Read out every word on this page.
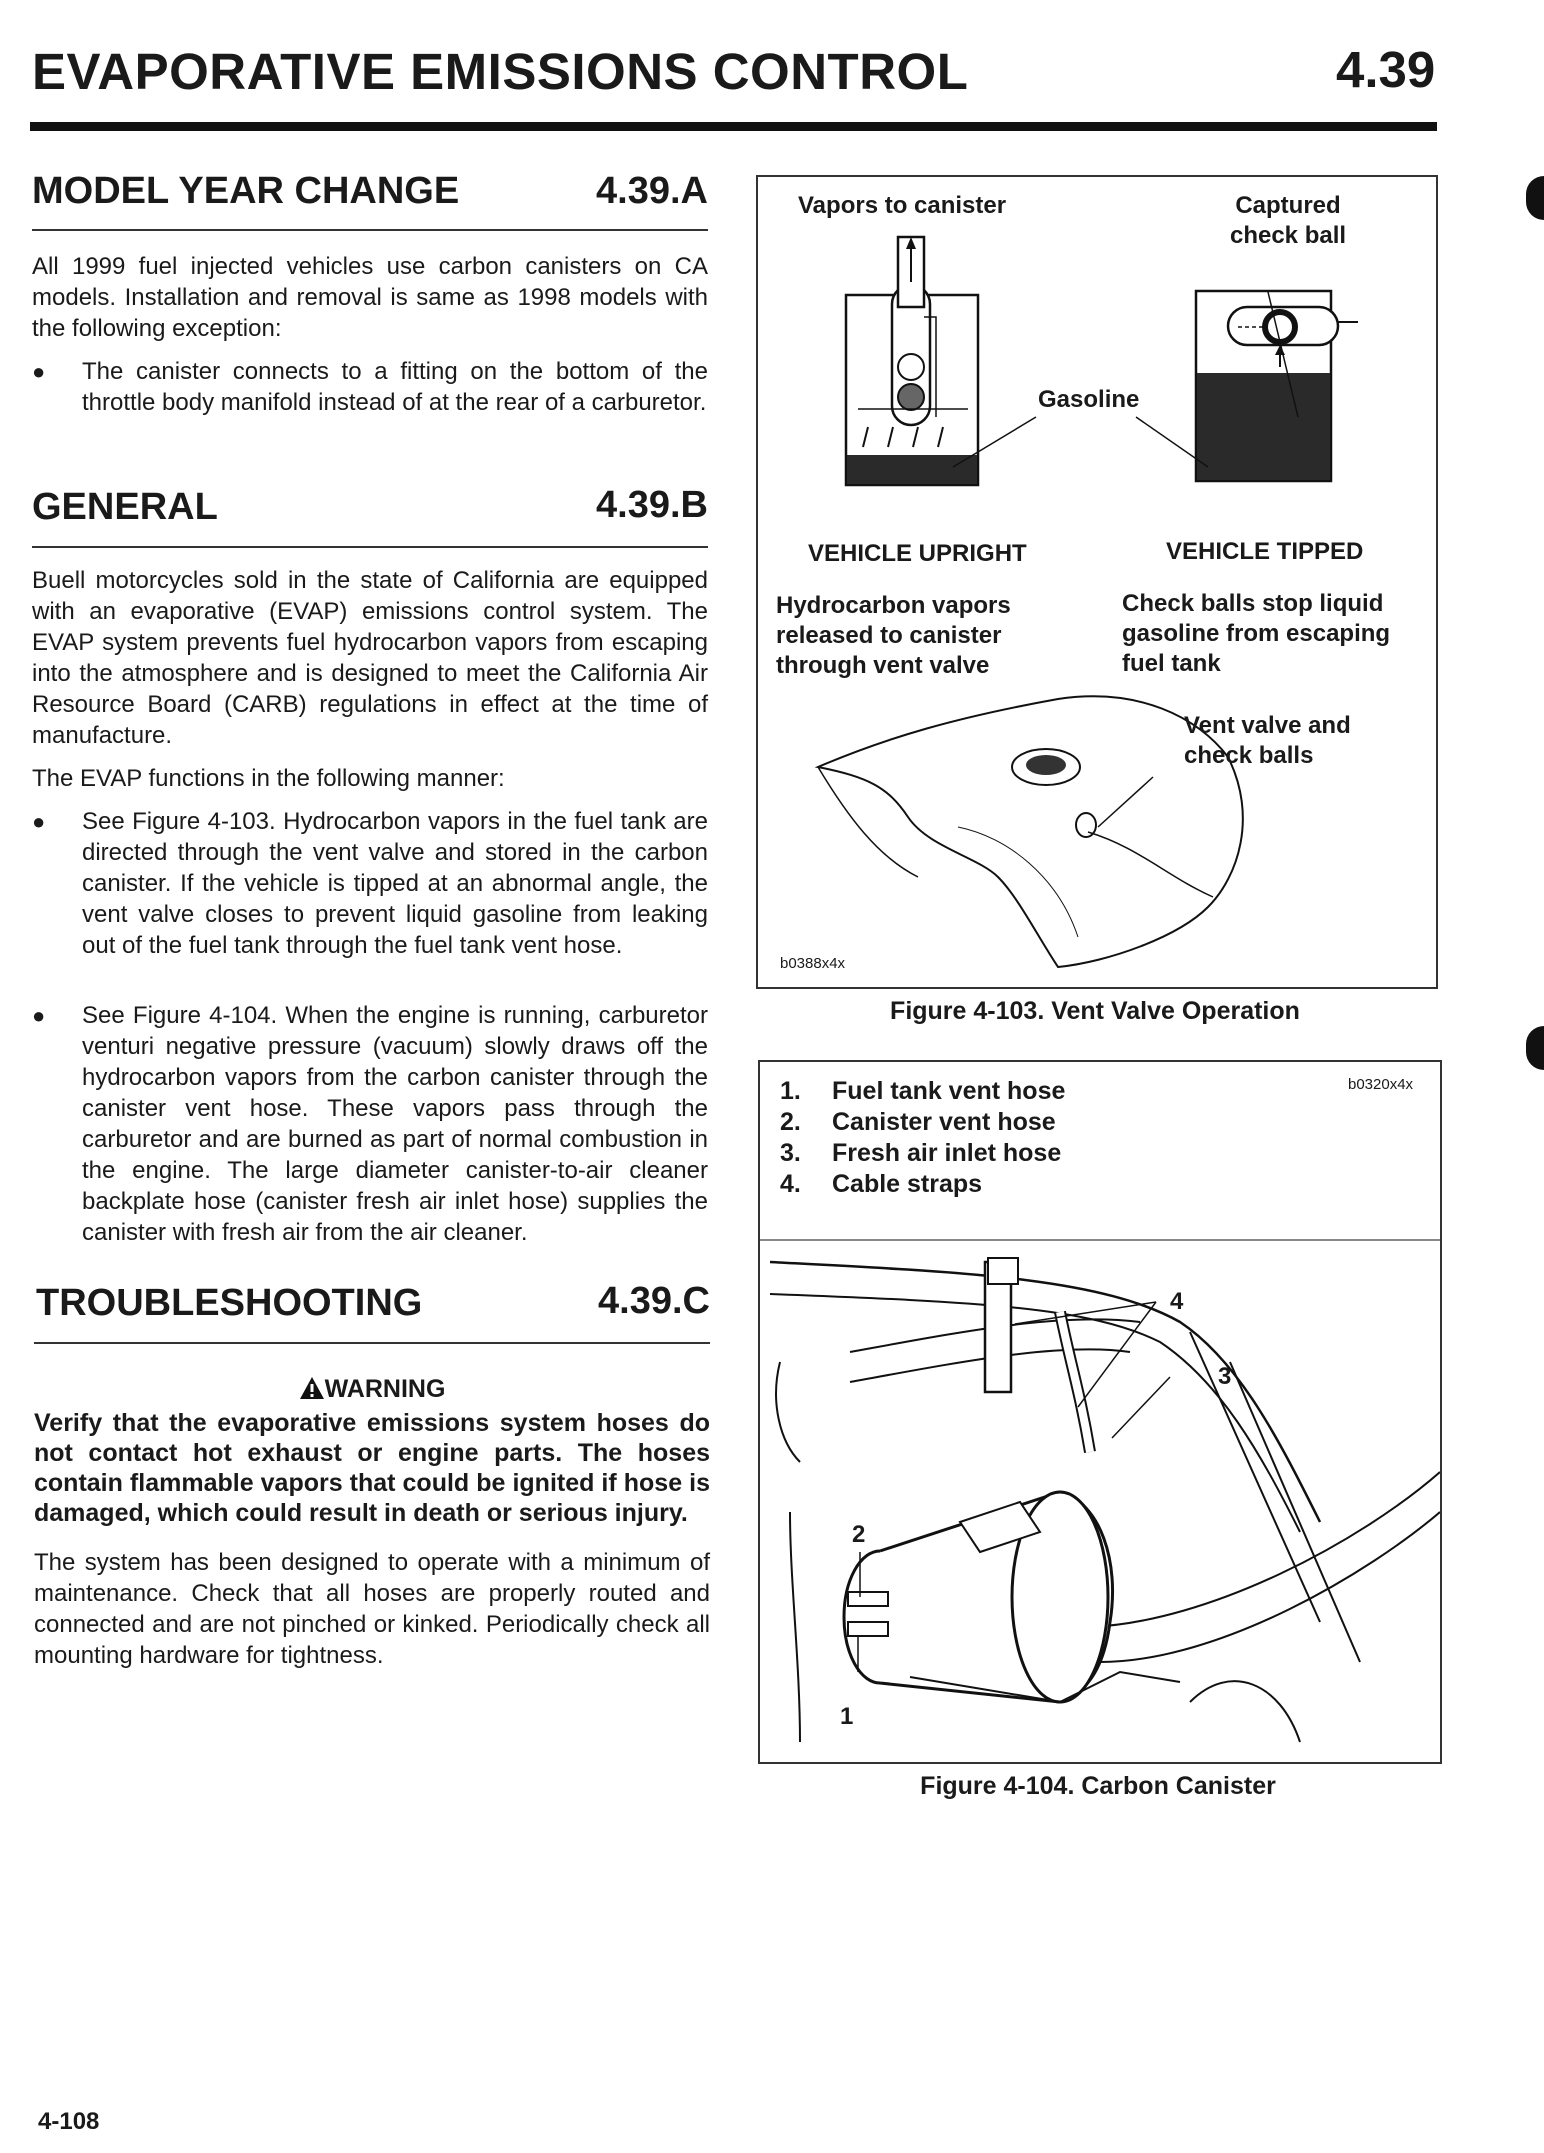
EVAPORATIVE EMISSIONS CONTROL	4.39
MODEL YEAR CHANGE	4.39.A
All 1999 fuel injected vehicles use carbon canisters on CA models. Installation and removal is same as 1998 models with the following exception:
●	The canister connects to a fitting on the bottom of the throttle body manifold instead of at the rear of a carburetor.
GENERAL	4.39.B
Buell motorcycles sold in the state of California are equipped with an evaporative (EVAP) emissions control system. The EVAP system prevents fuel hydrocarbon vapors from escaping into the atmosphere and is designed to meet the California Air Resource Board (CARB) regulations in effect at the time of manufacture.
The EVAP functions in the following manner:
●	See Figure 4-103. Hydrocarbon vapors in the fuel tank are directed through the vent valve and stored in the carbon canister. If the vehicle is tipped at an abnormal angle, the vent valve closes to prevent liquid gasoline from leaking out of the fuel tank through the fuel tank vent hose.
●	See Figure 4-104. When the engine is running, carburetor venturi negative pressure (vacuum) slowly draws off the hydrocarbon vapors from the carbon canister through the canister vent hose. These vapors pass through the carburetor and are burned as part of normal combustion in the engine. The large diameter canister-to-air cleaner backplate hose (canister fresh air inlet hose) supplies the canister with fresh air from the air cleaner.
TROUBLESHOOTING	4.39.C
WARNING
Verify that the evaporative emissions system hoses do not contact hot exhaust or engine parts. The hoses contain flammable vapors that could be ignited if hose is damaged, which could result in death or serious injury.
The system has been designed to operate with a minimum of maintenance. Check that all hoses are properly routed and connected and are not pinched or kinked. Periodically check all mounting hardware for tightness.
Vapors to canister	Captured
check ball
Gasoline
VEHICLE UPRIGHT	VEHICLE TIPPED
Hydrocarbon vapors
released to canister
through vent valve
Check balls stop liquid
gasoline from escaping
fuel tank
Vent valve and
check balls
b0388x4x
Figure 4-103. Vent Valve Operation
b0320x4x
1.	Fuel tank vent hose
2.	Canister vent hose
3.	Fresh air inlet hose
4.	Cable straps
1
2
3
4
Figure 4-104. Carbon Canister
4-108
